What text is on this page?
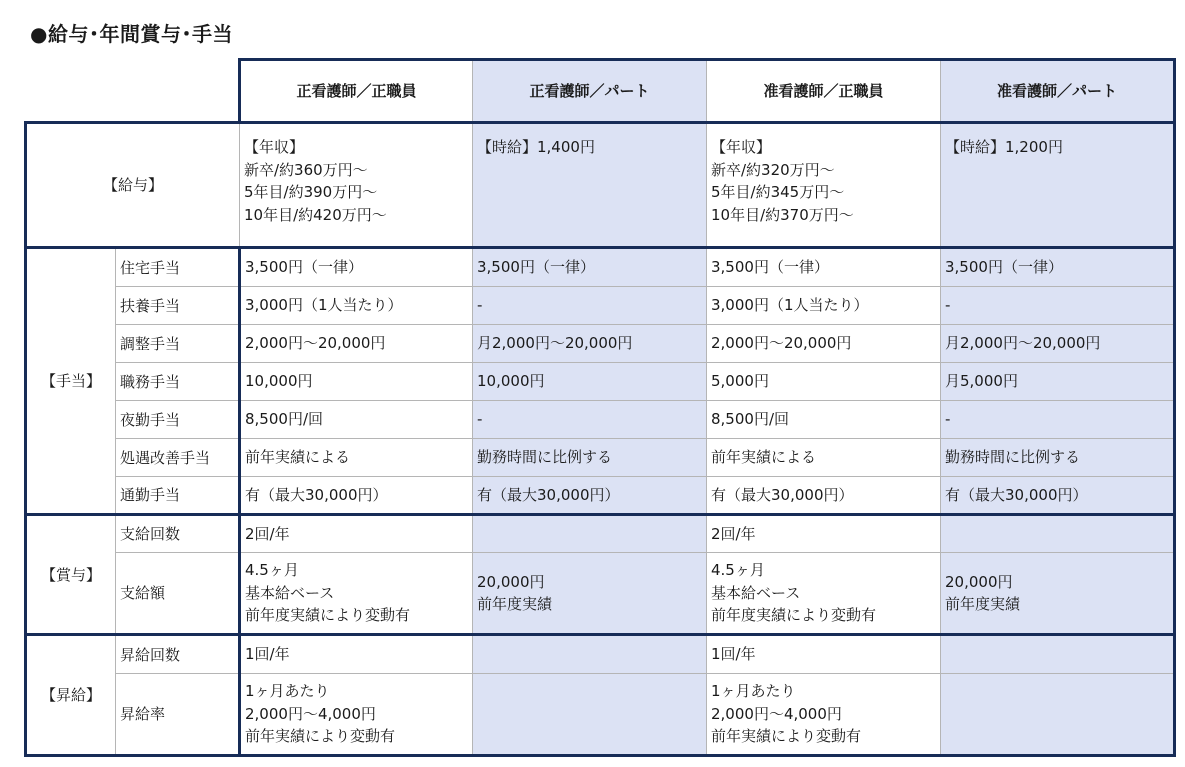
●給与･年間賞与･手当
		正看護師／正職員	正看護師／パート	准看護師／正職員	准看護師／パート
【給与】		【年収】
新卒/約360万円～
5年目/約390万円～
10年目/約420万円～	【時給】1,400円	【年収】
新卒/約320万円～
5年目/約345万円～
10年目/約370万円～	【時給】1,200円
【手当】	住宅手当	3,500円（一律）	3,500円（一律）	3,500円（一律）	3,500円（一律）
	扶養手当	3,000円（1人当たり）	-	3,000円（1人当たり）	-
	調整手当	2,000円～20,000円	月2,000円～20,000円	2,000円～20,000円	月2,000円～20,000円
	職務手当	10,000円	10,000円	5,000円	月5,000円
	夜勤手当	8,500円/回	-	8,500円/回	-
	処遇改善手当	前年実績による	勤務時間に比例する	前年実績による	勤務時間に比例する
	通勤手当	有（最大30,000円）	有（最大30,000円）	有（最大30,000円）	有（最大30,000円）
【賞与】	支給回数	2回/年		2回/年	
	支給額	4.5ヶ月
基本給ベース
前年度実績により変動有	20,000円
前年度実績	4.5ヶ月
基本給ベース
前年度実績により変動有	20,000円
前年度実績
【昇給】	昇給回数	1回/年		1回/年	
	昇給率	1ヶ月あたり
2,000円～4,000円
前年実績により変動有		1ヶ月あたり
2,000円～4,000円
前年実績により変動有	
